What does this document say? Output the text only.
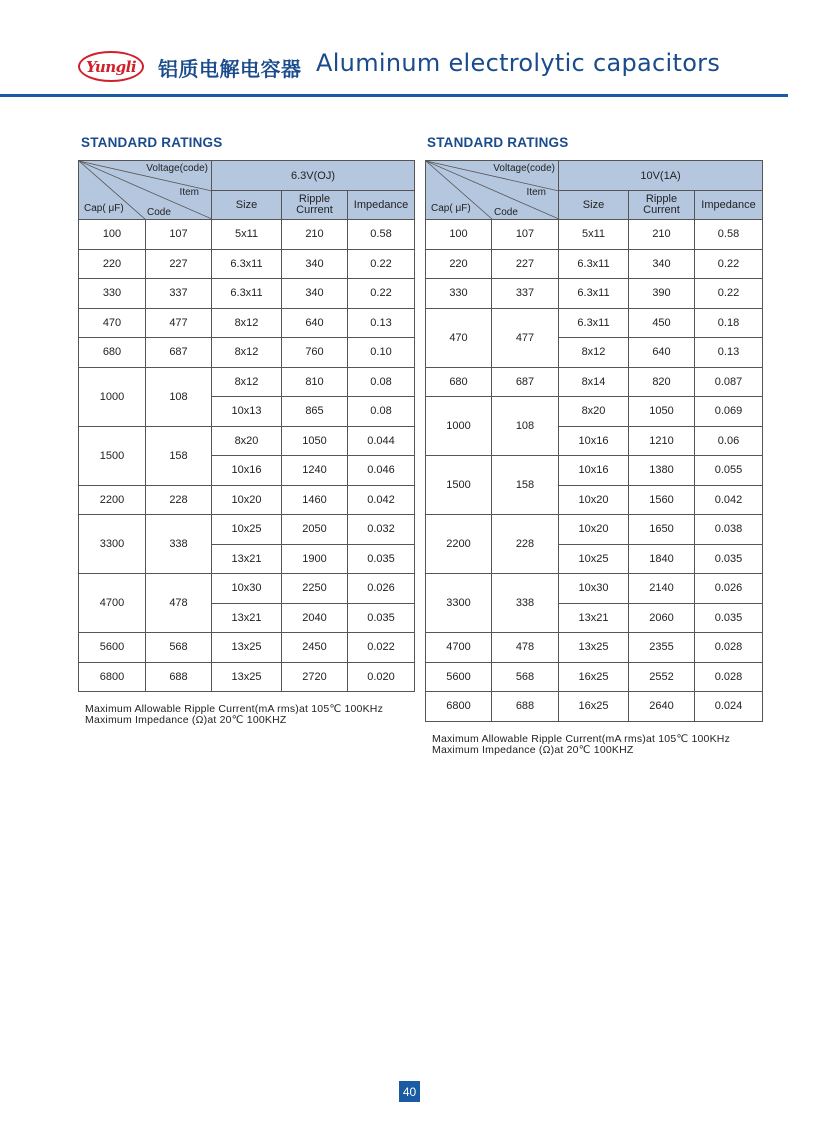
Yungli 铝质电解电容器 Aluminum electrolytic capacitors
STANDARD RATINGS
Voltage(code)
Item
Cap( μF) Code		6.3V(OJ)		
		Size	Ripple
Current	Impedance
100	107	5x11	210	0.58
220	227	6.3x11	340	0.22
330	337	6.3x11	340	0.22
470	477	8x12	640	0.13
680	687	8x12	760	0.10
1000	108	8x12	810	0.08
		10x13	865	0.08
1500	158	8x20	1050	0.044
		10x16	1240	0.046
2200	228	10x20	1460	0.042
3300	338	10x25	2050	0.032
		13x21	1900	0.035
4700	478	10x30	2250	0.026
		13x21	2040	0.035
5600	568	13x25	2450	0.022
6800	688	13x25	2720	0.020
Maximum Allowable Ripple Current(mA rms)at 105℃ 100KHz
Maximum Impedance (Ω)at 20℃ 100KHZ
STANDARD RATINGS
Voltage(code)
Item
Cap( μF) Code		10V(1A)		
		Size	Ripple
Current	Impedance
100	107	5x11	210	0.58
220	227	6.3x11	340	0.22
330	337	6.3x11	390	0.22
470	477	6.3x11	450	0.18
		8x12	640	0.13
680	687	8x14	820	0.087
1000	108	8x20	1050	0.069
		10x16	1210	0.06
1500	158	10x16	1380	0.055
		10x20	1560	0.042
2200	228	10x20	1650	0.038
		10x25	1840	0.035
3300	338	10x30	2140	0.026
		13x21	2060	0.035
4700	478	13x25	2355	0.028
5600	568	16x25	2552	0.028
6800	688	16x25	2640	0.024
Maximum Allowable Ripple Current(mA rms)at 105℃ 100KHz
Maximum Impedance (Ω)at 20℃ 100KHZ
40
